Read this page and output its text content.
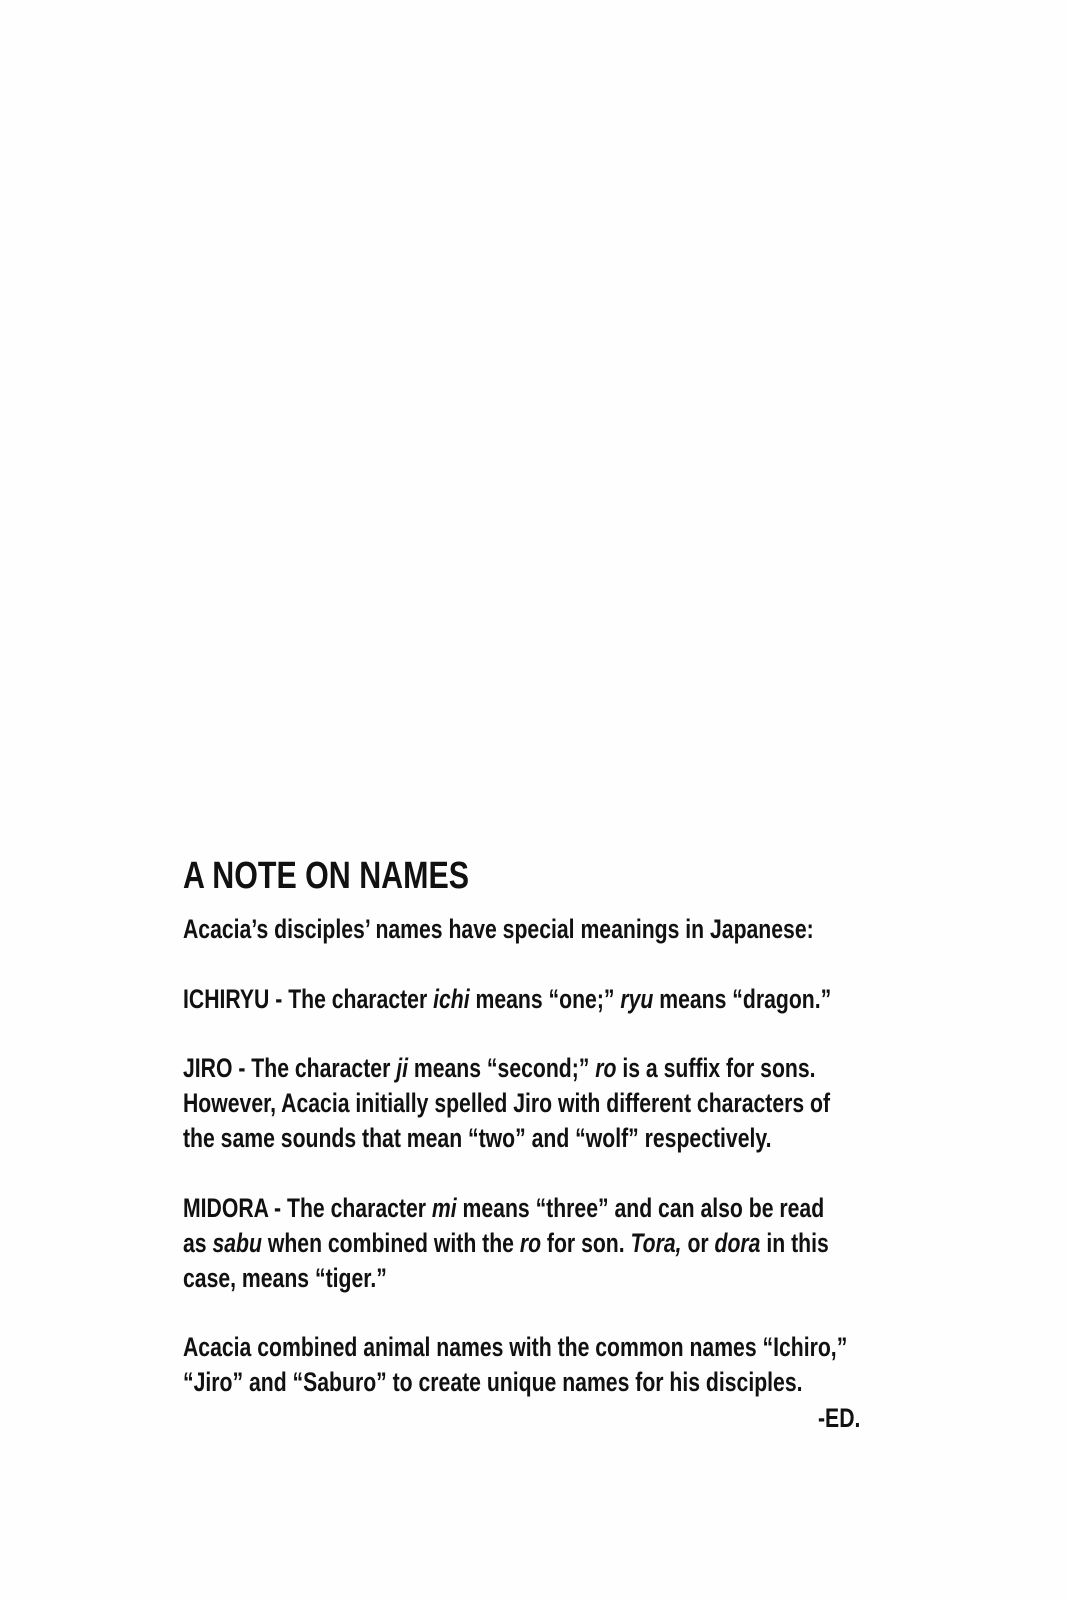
A NOTE ON NAMES
Acacia’s disciples’ names have special meanings in Japanese:
ICHIRYU - The character ichi means “one;” ryu means “dragon.”
JIRO - The character ji means “second;” ro is a suffix for sons.
However, Acacia initially spelled Jiro with different characters of
the same sounds that mean “two” and “wolf” respectively.
MIDORA - The character mi means “three” and can also be read
as sabu when combined with the ro for son. Tora, or dora in this
case, means “tiger.”
Acacia combined animal names with the common names “Ichiro,”
“Jiro” and “Saburo” to create unique names for his disciples.
-ED.
